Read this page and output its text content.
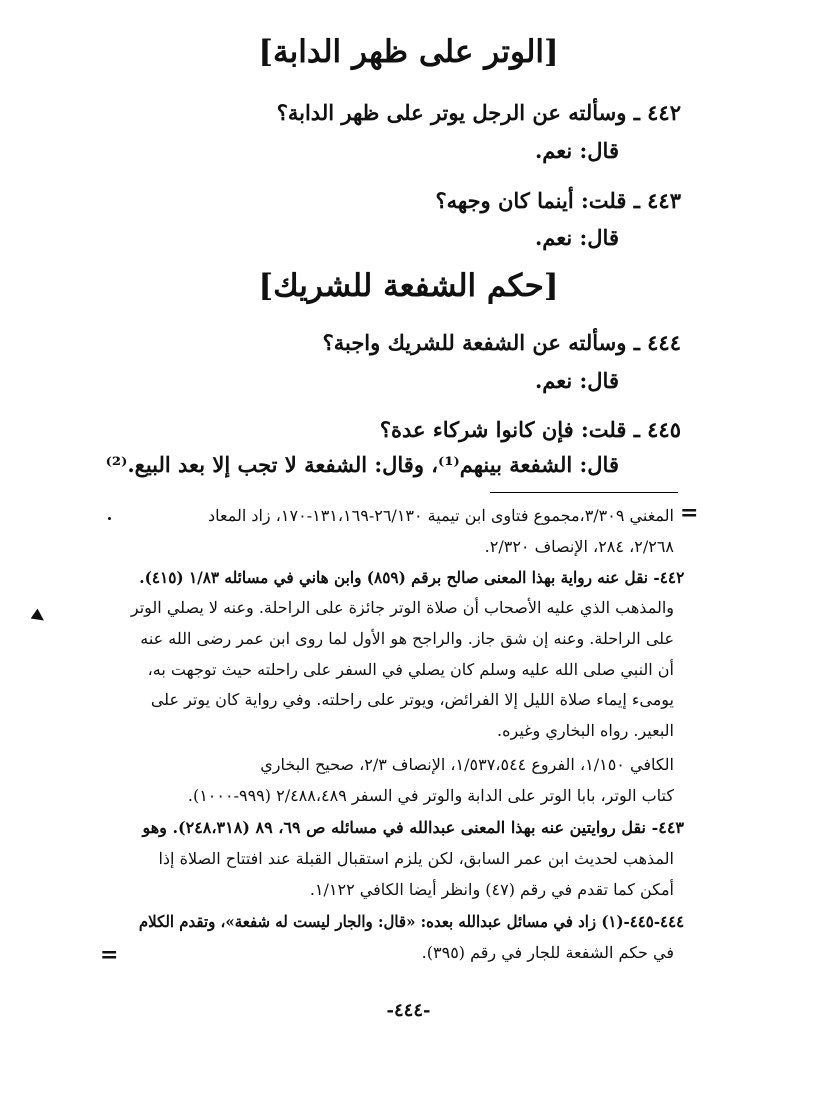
[الوتر على ظهر الدابة]
٤٤٢ ـ وسألته عن الرجل يوتر على ظهر الدابة؟
قال: نعم.
٤٤٣ ـ قلت: أينما كان وجهه؟
قال: نعم.
[حكم الشفعة للشريك]
٤٤٤ ـ وسألته عن الشفعة للشريك واجبة؟
قال: نعم.
٤٤٥ ـ قلت: فإن كانوا شركاء عدة؟
قال: الشفعة بينهم⁽¹⁾، وقال: الشفعة لا تجب إلا بعد البيع.⁽²⁾
=
المغني ٣/٣٠٩،مجموع فتاوى ابن تيمية ٢٦/١٣٠-١٣١،١٦٩-١٧٠، زاد المعاد
٢/٢٦٨، ٢٨٤، الإنصاف ٢/٣٢٠.
٤٤٢- نقل عنه رواية بهذا المعنى صالح برقم (٨٥٩) وابن هاني في مسائله ١/٨٣ (٤١٥).
والمذهب الذي عليه الأصحاب أن صلاة الوتر جائزة على الراحلة. وعنه لا يصلي الوتر
على الراحلة. وعنه إن شق جاز. والراجح هو الأول لما روى ابن عمر رضى الله عنه
أن النبي صلى الله عليه وسلم كان يصلي في السفر على راحلته حيث توجهت به،
يومىء إيماء صلاة الليل إلا الفرائض، ويوتر على راحلته. وفي رواية كان يوتر على
البعير. رواه البخاري وغيره.
الكافي ١/١٥٠، الفروع ١/٥٣٧،٥٤٤، الإنصاف ٢/٣، صحيح البخاري
كتاب الوتر، بابا الوتر على الدابة والوتر في السفر ٢/٤٨٨،٤٨٩ (٩٩٩-١٠٠٠).
٤٤٣- نقل روايتين عنه بهذا المعنى عبدالله في مسائله ص ٦٩، ٨٩ (٢٤٨،٣١٨). وهو
المذهب لحديث ابن عمر السابق، لكن يلزم استقبال القبلة عند افتتاح الصلاة إذا
أمكن كما تقدم في رقم (٤٧) وانظر أيضا الكافي ١/١٢٢.
٤٤٤-٤٤٥-(١) زاد في مسائل عبدالله بعده: «قال: والجار ليست له شفعة»، وتقدم الكلام
في حكم الشفعة للجار في رقم (٣٩٥).
=
-٤٤٤-
